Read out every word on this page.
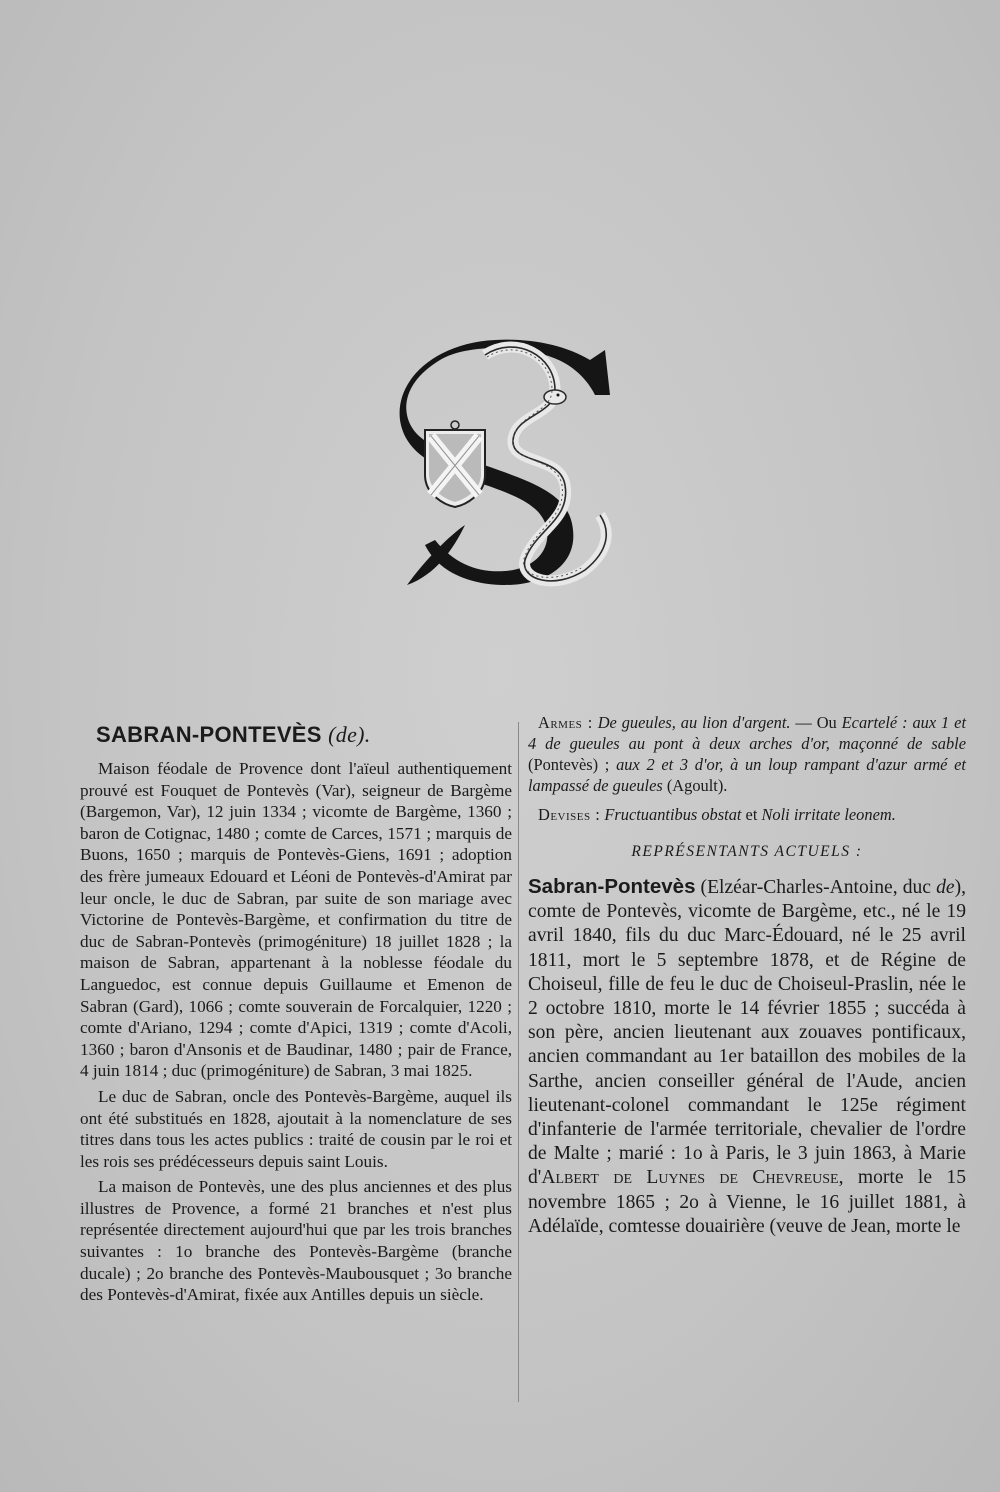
SABRAN-PONTEVÈS (de).

Maison féodale de Provence dont l'aïeul authentiquement prouvé est Fouquet de Pontevès (Var), seigneur de Bargème (Bargemon, Var), 12 juin 1334 ; vicomte de Bargème, 1360 ; baron de Cotignac, 1480 ; comte de Carces, 1571 ; marquis de Buons, 1650 ; marquis de Pontevès-Giens, 1691 ; adoption des frère jumeaux Edouard et Léoni de Pontevès-d'Amirat par leur oncle, le duc de Sabran, par suite de son mariage avec Victorine de Pontevès-Bargème, et confirmation du titre de duc de Sabran-Pontevès (primogéniture) 18 juillet 1828 ; la maison de Sabran, appartenant à la noblesse féodale du Languedoc, est connue depuis Guillaume et Emenon de Sabran (Gard), 1066 ; comte souverain de Forcalquier, 1220 ; comte d'Ariano, 1294 ; comte d'Apici, 1319 ; comte d'Acoli, 1360 ; baron d'Ansonis et de Baudinar, 1480 ; pair de France, 4 juin 1814 ; duc (primogéniture) de Sabran, 3 mai 1825.

Le duc de Sabran, oncle des Pontevès-Bargème, auquel ils ont été substitués en 1828, ajoutait à la nomenclature de ses titres dans tous les actes publics : traité de cousin par le roi et les rois ses prédécesseurs depuis saint Louis.

La maison de Pontevès, une des plus anciennes et des plus illustres de Provence, a formé 21 branches et n'est plus représentée directement aujourd'hui que par les trois branches suivantes : 1o branche des Pontevès-Bargème (branche ducale) ; 2o branche des Pontevès-Maubousquet ; 3o branche des Pontevès-d'Amirat, fixée aux Antilles depuis un siècle.

Armes : De gueules, au lion d'argent. — Ou Ecartelé : aux 1 et 4 de gueules au pont à deux arches d'or, maçonné de sable (Pontevès) ; aux 2 et 3 d'or, à un loup rampant d'azur armé et lampassé de gueules (Agoult).

Devises : Fructuantibus obstat et Noli irritate leonem.

REPRÉSENTANTS ACTUELS :

Sabran-Pontevès (Elzéar-Charles-Antoine, duc de), comte de Pontevès, vicomte de Bargème, etc., né le 19 avril 1840, fils du duc Marc-Édouard, né le 25 avril 1811, mort le 5 septembre 1878, et de Régine de Choiseul, fille de feu le duc de Choiseul-Praslin, née le 2 octobre 1810, morte le 14 février 1855 ; succéda à son père, ancien lieutenant aux zouaves pontificaux, ancien commandant au 1er bataillon des mobiles de la Sarthe, ancien conseiller général de l'Aude, ancien lieutenant-colonel commandant le 125e régiment d'infanterie de l'armée territoriale, chevalier de l'ordre de Malte ; marié : 1o à Paris, le 3 juin 1863, à Marie d'Albert de Luynes de Chevreuse, morte le 15 novembre 1865 ; 2o à Vienne, le 16 juillet 1881, à Adélaïde, comtesse douairière (veuve de Jean, morte le
